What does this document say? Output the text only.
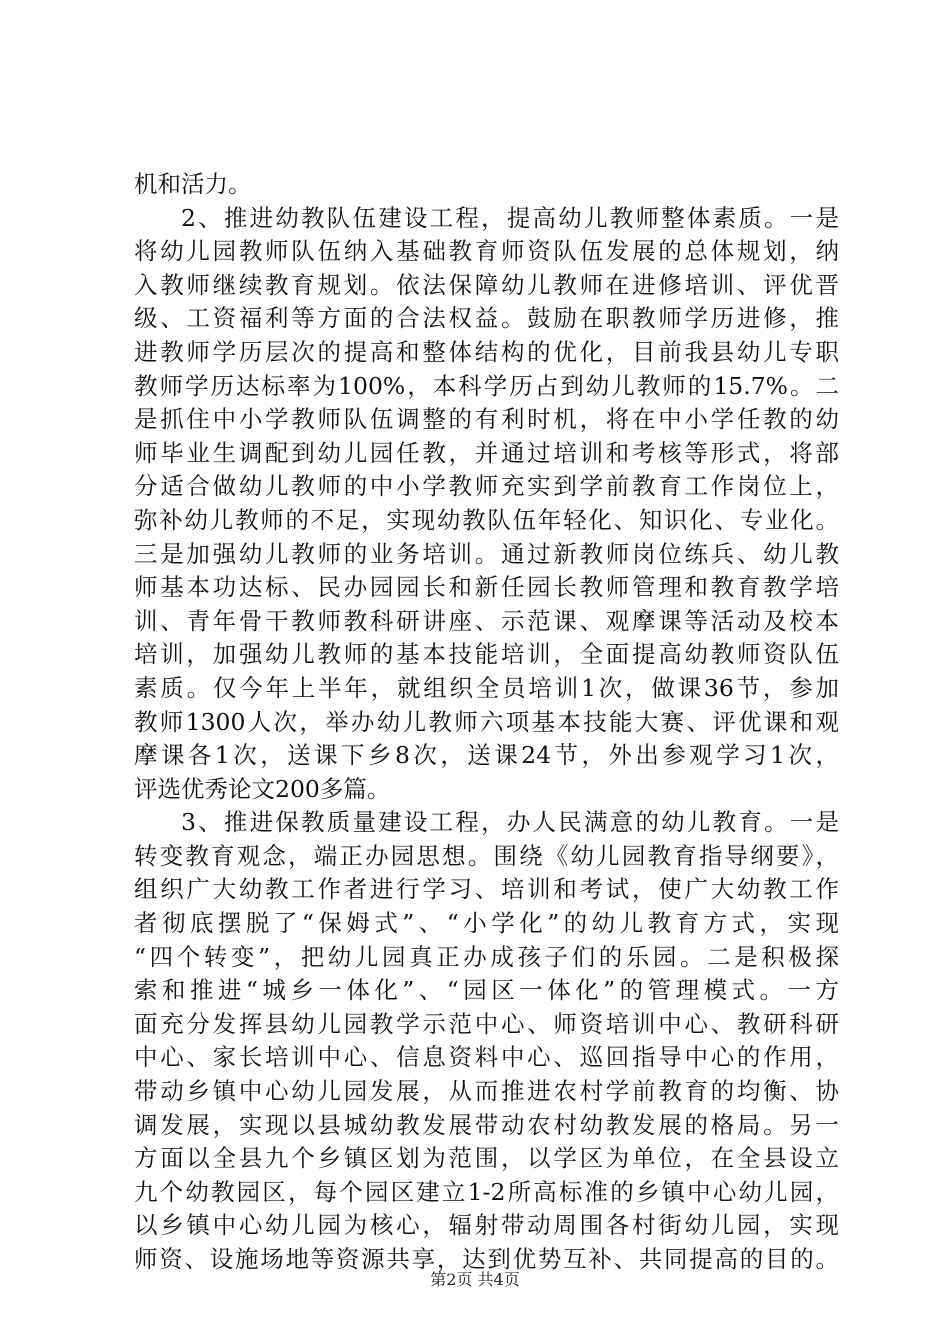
机和活力。
2、推进幼教队伍建设工程，提高幼儿教师整体素质。一是
将幼儿园教师队伍纳入基础教育师资队伍发展的总体规划，纳
入教师继续教育规划。依法保障幼儿教师在进修培训、评优晋
级、工资福利等方面的合法权益。鼓励在职教师学历进修，推
进教师学历层次的提高和整体结构的优化，目前我县幼儿专职
教师学历达标率为100%，本科学历占到幼儿教师的15.7%。二
是抓住中小学教师队伍调整的有利时机，将在中小学任教的幼
师毕业生调配到幼儿园任教，并通过培训和考核等形式，将部
分适合做幼儿教师的中小学教师充实到学前教育工作岗位上，
弥补幼儿教师的不足，实现幼教队伍年轻化、知识化、专业化。
三是加强幼儿教师的业务培训。通过新教师岗位练兵、幼儿教
师基本功达标、民办园园长和新任园长教师管理和教育教学培
训、青年骨干教师教科研讲座、示范课、观摩课等活动及校本
培训，加强幼儿教师的基本技能培训，全面提高幼教师资队伍
素质。仅今年上半年，就组织全员培训1次，做课36节，参加
教师1300人次，举办幼儿教师六项基本技能大赛、评优课和观
摩课各1次，送课下乡8次，送课24节，外出参观学习1次，
评选优秀论文200多篇。
3、推进保教质量建设工程，办人民满意的幼儿教育。一是
转变教育观念，端正办园思想。围绕《幼儿园教育指导纲要》，
组织广大幼教工作者进行学习、培训和考试，使广大幼教工作
者彻底摆脱了“保姆式”、“小学化”的幼儿教育方式，实现
“四个转变”，把幼儿园真正办成孩子们的乐园。二是积极探
索和推进“城乡一体化”、“园区一体化”的管理模式。一方
面充分发挥县幼儿园教学示范中心、师资培训中心、教研科研
中心、家长培训中心、信息资料中心、巡回指导中心的作用，
带动乡镇中心幼儿园发展，从而推进农村学前教育的均衡、协
调发展，实现以县城幼教发展带动农村幼教发展的格局。另一
方面以全县九个乡镇区划为范围，以学区为单位，在全县设立
九个幼教园区，每个园区建立1-2所高标准的乡镇中心幼儿园，
以乡镇中心幼儿园为核心，辐射带动周围各村街幼儿园，实现
师资、设施场地等资源共享，达到优势互补、共同提高的目的。
第2页 共4页
